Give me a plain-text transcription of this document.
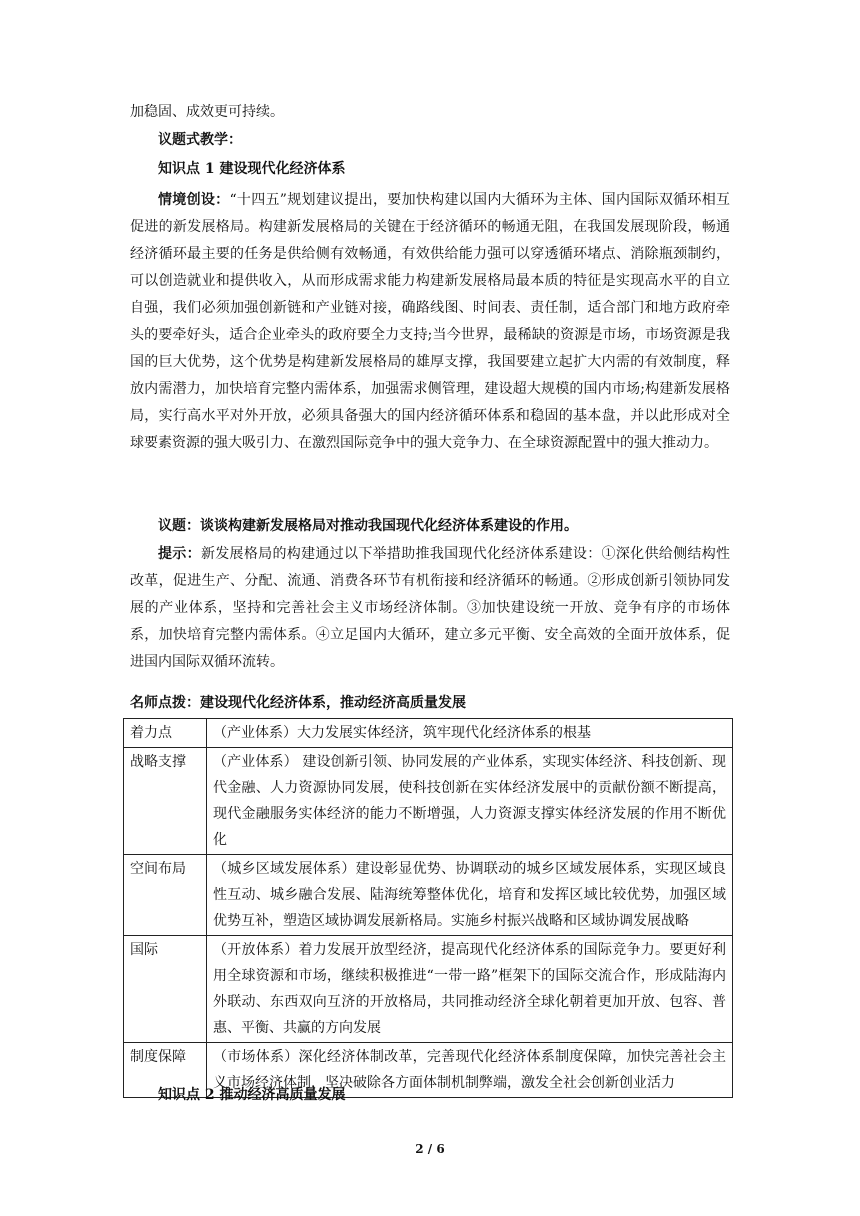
加稳固、成效更可持续。
议题式教学：
知识点 1 建设现代化经济体系
情境创设：“十四五”规划建议提出，要加快构建以国内大循环为主体、国内国际双循环相互促进的新发展格局。构建新发展格局的关键在于经济循环的畅通无阻，在我国发展现阶段，畅通经济循环最主要的任务是供给侧有效畅通，有效供给能力强可以穿透循环堵点、消除瓶颈制约，可以创造就业和提供收入，从而形成需求能力构建新发展格局最本质的特征是实现高水平的自立自强，我们必须加强创新链和产业链对接，确路线图、时间表、责任制，适合部门和地方政府牵头的要牵好头，适合企业牵头的政府要全力支持;当今世界，最稀缺的资源是市场，市场资源是我国的巨大优势，这个优势是构建新发展格局的雄厚支撑，我国要建立起扩大内需的有效制度，释放内需潜力，加快培育完整内需体系，加强需求侧管理，建设超大规模的国内市场;构建新发展格局，实行高水平对外开放，必须具备强大的国内经济循环体系和稳固的基本盘，并以此形成对全球要素资源的强大吸引力、在激烈国际竞争中的强大竞争力、在全球资源配置中的强大推动力。
议题：谈谈构建新发展格局对推动我国现代化经济体系建设的作用。
提示：新发展格局的构建通过以下举措助推我国现代化经济体系建设：①深化供给侧结构性改革，促进生产、分配、流通、消费各环节有机衔接和经济循环的畅通。②形成创新引领协同发展的产业体系，坚持和完善社会主义市场经济体制。③加快建设统一开放、竞争有序的市场体系，加快培育完整内需体系。④立足国内大循环，建立多元平衡、安全高效的全面开放体系，促进国内国际双循环流转。
名师点拨：建设现代化经济体系，推动经济高质量发展
着力点	（产业体系）大力发展实体经济，筑牢现代化经济体系的根基
战略支撑	（产业体系） 建设创新引领、协同发展的产业体系，实现实体经济、科技创新、现代金融、人力资源协同发展，使科技创新在实体经济发展中的贡献份额不断提高，现代金融服务实体经济的能力不断增强，人力资源支撑实体经济发展的作用不断优化
空间布局	（城乡区域发展体系）建设彰显优势、协调联动的城乡区域发展体系，实现区域良性互动、城乡融合发展、陆海统筹整体优化，培育和发挥区域比较优势，加强区域优势互补，塑造区域协调发展新格局。实施乡村振兴战略和区域协调发展战略
国际	（开放体系）着力发展开放型经济，提高现代化经济体系的国际竞争力。要更好利用全球资源和市场，继续积极推进“一带一路”框架下的国际交流合作，形成陆海内外联动、东西双向互济的开放格局，共同推动经济全球化朝着更加开放、包容、普惠、平衡、共赢的方向发展
制度保障	（市场体系）深化经济体制改革，完善现代化经济体系制度保障，加快完善社会主义市场经济体制，坚决破除各方面体制机制弊端，激发全社会创新创业活力
知识点 2 推动经济高质量发展
2 / 6
